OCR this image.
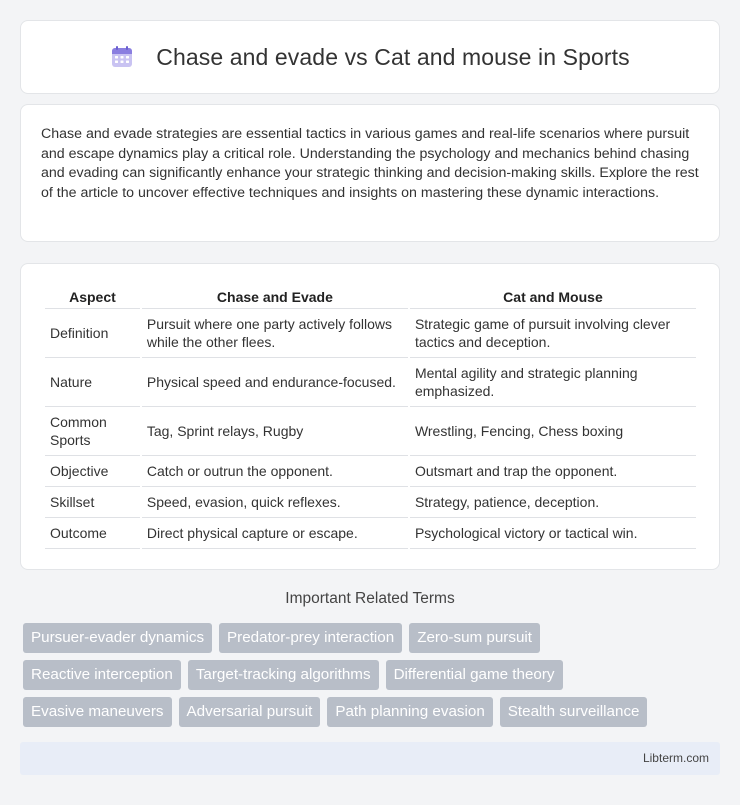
Chase and evade vs Cat and mouse in Sports

Chase and evade strategies are essential tactics in various games and real-life scenarios where pursuit and escape dynamics play a critical role. Understanding the psychology and mechanics behind chasing and evading can significantly enhance your strategic thinking and decision-making skills. Explore the rest of the article to uncover effective techniques and insights on mastering these dynamic interactions.

Aspect	Chase and Evade	Cat and Mouse
Definition	Pursuit where one party actively follows while the other flees.	Strategic game of pursuit involving clever tactics and deception.
Nature	Physical speed and endurance-focused.	Mental agility and strategic planning emphasized.
Common Sports	Tag, Sprint relays, Rugby	Wrestling, Fencing, Chess boxing
Objective	Catch or outrun the opponent.	Outsmart and trap the opponent.
Skillset	Speed, evasion, quick reflexes.	Strategy, patience, deception.
Outcome	Direct physical capture or escape.	Psychological victory or tactical win.
Important Related Terms
Pursuer-evader dynamics	Predator-prey interaction	Zero-sum pursuit
Reactive interception	Target-tracking algorithms	Differential game theory
Evasive maneuvers	Adversarial pursuit	Path planning evasion	Stealth surveillance
Libterm.com
